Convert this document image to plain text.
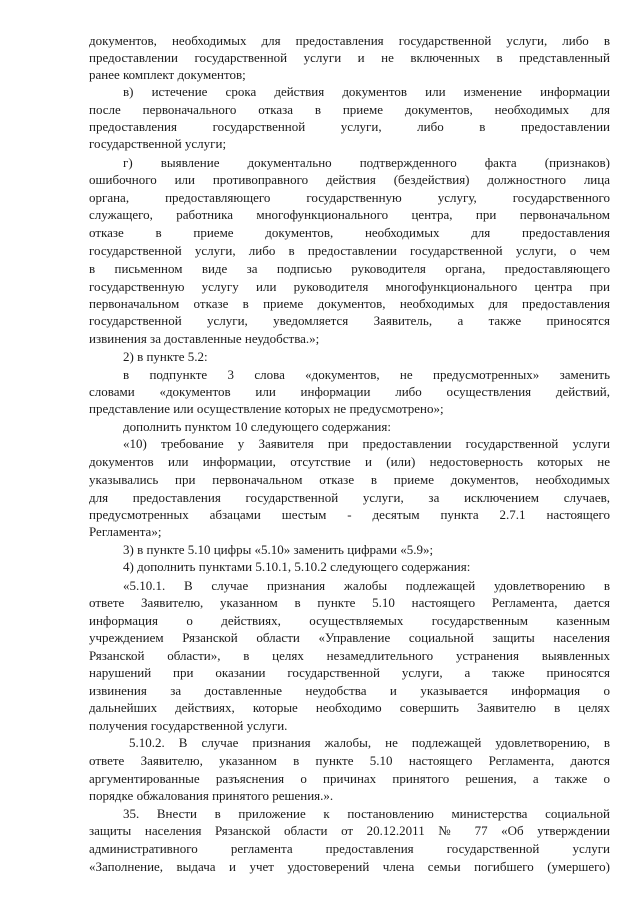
документов, необходимых для предоставления государственной услуги, либо в
предоставлении государственной услуги и не включенных в представленный
ранее комплект документов;
в) истечение срока действия документов или изменение информации
после первоначального отказа в приеме документов, необходимых для
предоставления государственной услуги, либо в предоставлении
государственной услуги;
г) выявление документально подтвержденного факта (признаков)
ошибочного или противоправного действия (бездействия) должностного лица
органа, предоставляющего государственную услугу, государственного
служащего, работника многофункционального центра, при первоначальном
отказе в приеме документов, необходимых для предоставления
государственной услуги, либо в предоставлении государственной услуги, о чем
в письменном виде за подписью руководителя органа, предоставляющего
государственную услугу или руководителя многофункционального центра при
первоначальном отказе в приеме документов, необходимых для предоставления
государственной услуги, уведомляется Заявитель, а также приносятся
извинения за доставленные неудобства.»;
2) в пункте 5.2:
в подпункте 3 слова «документов, не предусмотренных» заменить
словами «документов или информации либо осуществления действий,
представление или осуществление которых не предусмотрено»;
дополнить пунктом 10 следующего содержания:
«10) требование у Заявителя при предоставлении государственной услуги
документов или информации, отсутствие и (или) недостоверность которых не
указывались при первоначальном отказе в приеме документов, необходимых
для предоставления государственной услуги, за исключением случаев,
предусмотренных абзацами шестым - десятым пункта 2.7.1 настоящего
Регламента»;
3) в пункте 5.10 цифры «5.10» заменить цифрами «5.9»;
4) дополнить пунктами 5.10.1, 5.10.2 следующего содержания:
«5.10.1. В случае признания жалобы подлежащей удовлетворению в
ответе Заявителю, указанном в пункте 5.10 настоящего Регламента, дается
информация о действиях, осуществляемых государственным казенным
учреждением Рязанской области «Управление социальной защиты населения
Рязанской области», в целях незамедлительного устранения выявленных
нарушений при оказании государственной услуги, а также приносятся
извинения за доставленные неудобства и указывается информация о
дальнейших действиях, которые необходимо совершить Заявителю в целях
получения государственной услуги.
5.10.2. В случае признания жалобы, не подлежащей удовлетворению, в
ответе Заявителю, указанном в пункте 5.10 настоящего Регламента, даются
аргументированные разъяснения о причинах принятого решения, а также о
порядке обжалования принятого решения.».
35. Внести в приложение к постановлению министерства социальной
защиты населения Рязанской области от 20.12.2011 № 77 «Об утверждении
административного регламента предоставления государственной услуги
«Заполнение, выдача и учет удостоверений члена семьи погибшего (умершего)
